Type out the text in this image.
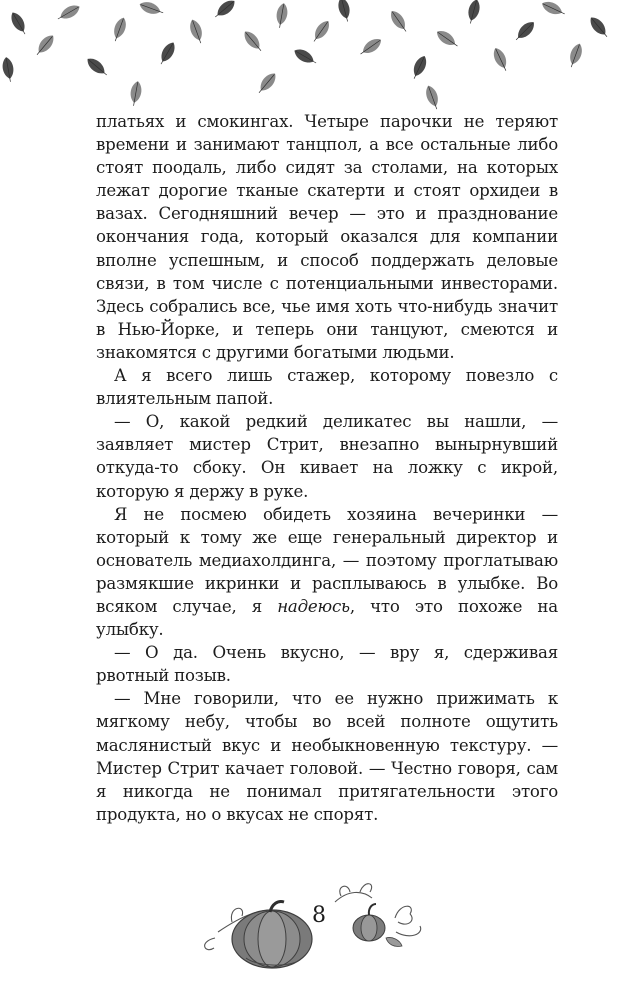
платьях и смокингах. Четыре парочки не теряют времени и занимают танцпол, а все остальные либо стоят поодаль, либо сидят за столами, на которых лежат дорогие тканые скатерти и стоят орхидеи в вазах. Сегодняшний вечер — это и празднование окончания года, который оказался для компании вполне успешным, и способ поддержать деловые связи, в том числе с потенциальными инвесторами. Здесь собрались все, чье имя хоть что-нибудь значит в Нью-Йорке, и теперь они танцуют, смеются и знакомятся с другими богатыми людьми.

А я всего лишь стажер, которому повезло с влиятельным папой.

— О, какой редкий деликатес вы нашли, — заявляет мистер Стрит, внезапно вынырнувший откуда-то сбоку. Он кивает на ложку с икрой, которую я держу в руке.

Я не посмею обидеть хозяина вечеринки — который к тому же еще генеральный директор и основатель медиахолдинга, — поэтому проглатываю размякшие икринки и расплываюсь в улыбке. Во всяком случае, я надеюсь, что это похоже на улыбку.

— О да. Очень вкусно, — вру я, сдерживая рвотный позыв.

— Мне говорили, что ее нужно прижимать к мягкому небу, чтобы во всей полноте ощутить маслянистый вкус и необыкновенную текстуру. — Мистер Стрит качает головой. — Честно говоря, сам я никогда не понимал притягательности этого продукта, но о вкусах не спорят.

8
